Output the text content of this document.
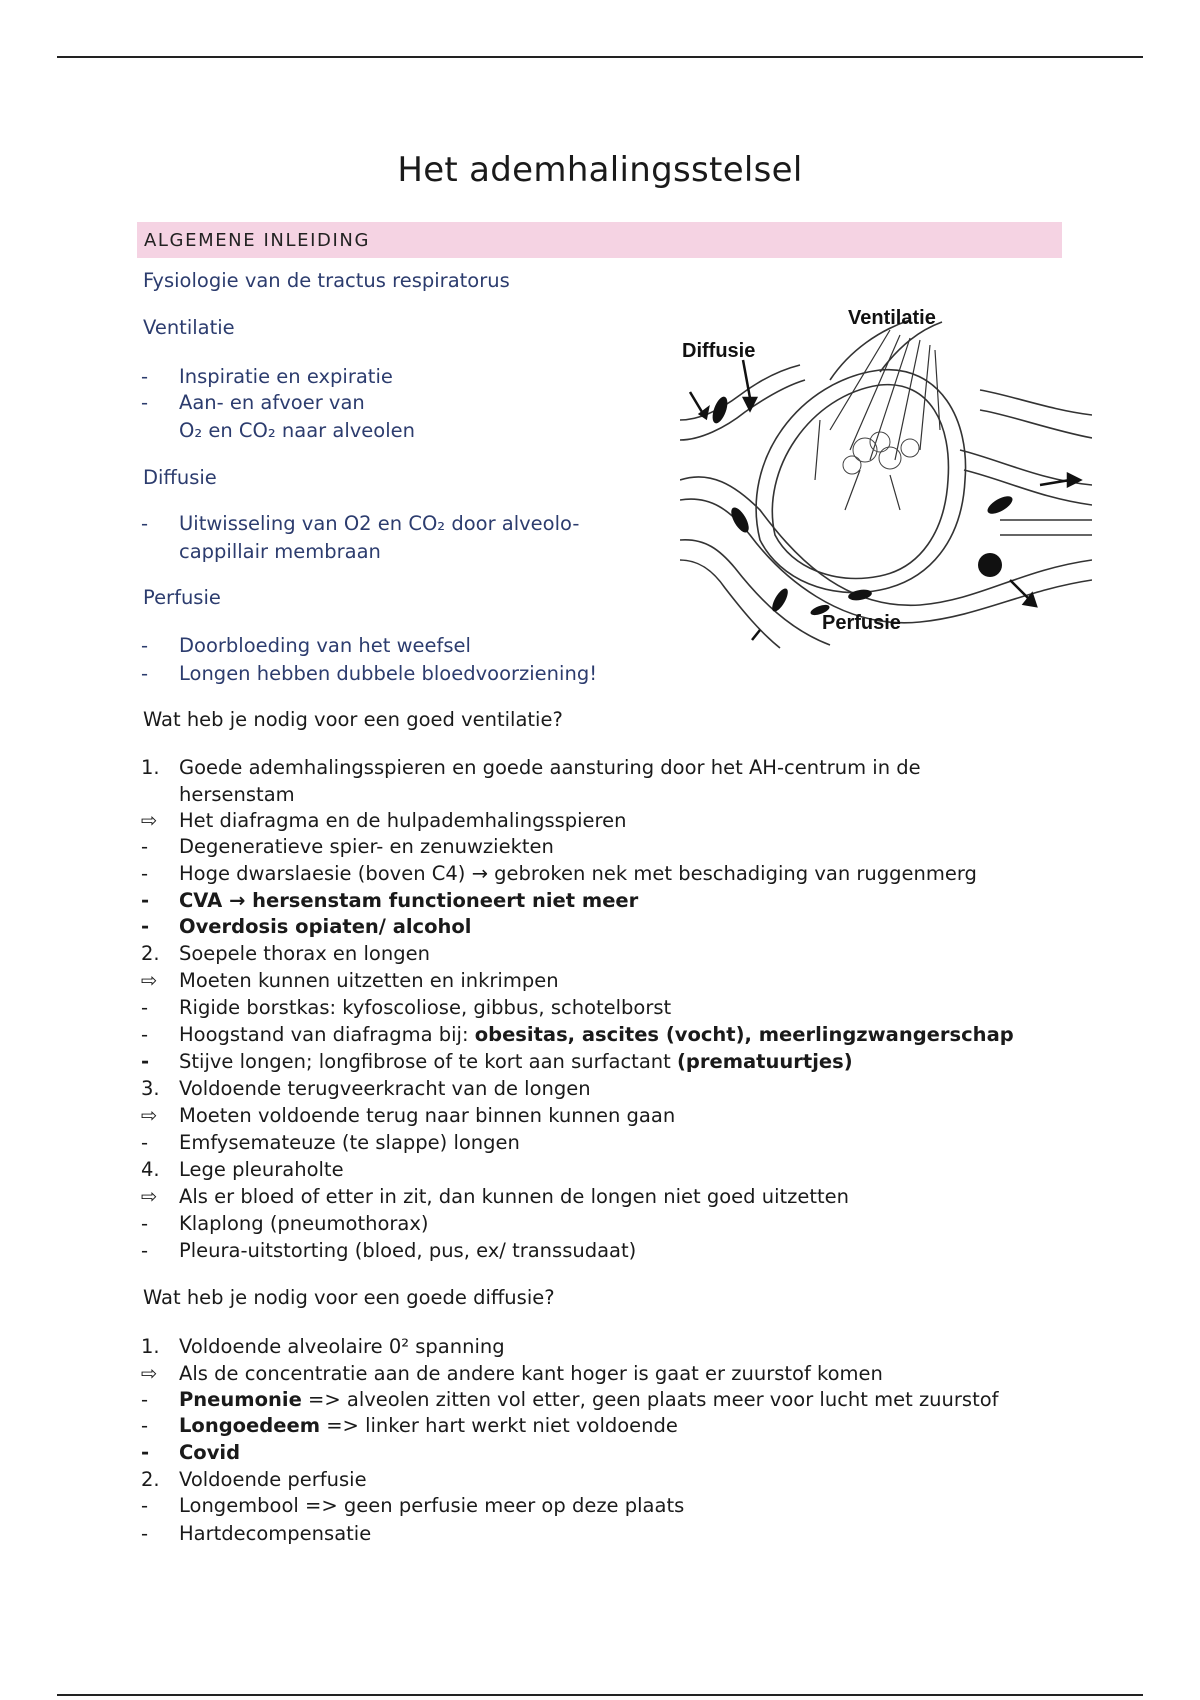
Het ademhalingsstelsel
ALGEMENE INLEIDING
Fysiologie van de tractus respiratorus
Ventilatie
- Inspiratie en expiratie
- Aan- en afvoer van
O₂ en CO₂ naar alveolen
Diffusie
- Uitwisseling van O2 en CO₂ door alveolo-
cappillair membraan
Perfusie
- Doorbloeding van het weefsel
- Longen hebben dubbele bloedvoorziening!
Ventilatie
Diffusie
Perfusie
Wat heb je nodig voor een goed ventilatie?
1. Goede ademhalingsspieren en goede aansturing door het AH-centrum in de
hersenstam
⇨ Het diafragma en de hulpademhalingsspieren
- Degeneratieve spier- en zenuwziekten
- Hoge dwarslaesie (boven C4) → gebroken nek met beschadiging van ruggenmerg
- CVA → hersenstam functioneert niet meer
- Overdosis opiaten/ alcohol
2. Soepele thorax en longen
⇨ Moeten kunnen uitzetten en inkrimpen
- Rigide borstkas: kyfoscoliose, gibbus, schotelborst
- Hoogstand van diafragma bij: obesitas, ascites (vocht), meerlingzwangerschap
- Stijve longen; longfibrose of te kort aan surfactant (prematuurtjes)
3. Voldoende terugveerkracht van de longen
⇨ Moeten voldoende terug naar binnen kunnen gaan
- Emfysemateuze (te slappe) longen
4. Lege pleuraholte
⇨ Als er bloed of etter in zit, dan kunnen de longen niet goed uitzetten
- Klaplong (pneumothorax)
- Pleura-uitstorting (bloed, pus, ex/ transsudaat)
Wat heb je nodig voor een goede diffusie?
1. Voldoende alveolaire 0² spanning
⇨ Als de concentratie aan de andere kant hoger is gaat er zuurstof komen
- Pneumonie => alveolen zitten vol etter, geen plaats meer voor lucht met zuurstof
- Longoedeem => linker hart werkt niet voldoende
- Covid
2. Voldoende perfusie
- Longembool => geen perfusie meer op deze plaats
- Hartdecompensatie
